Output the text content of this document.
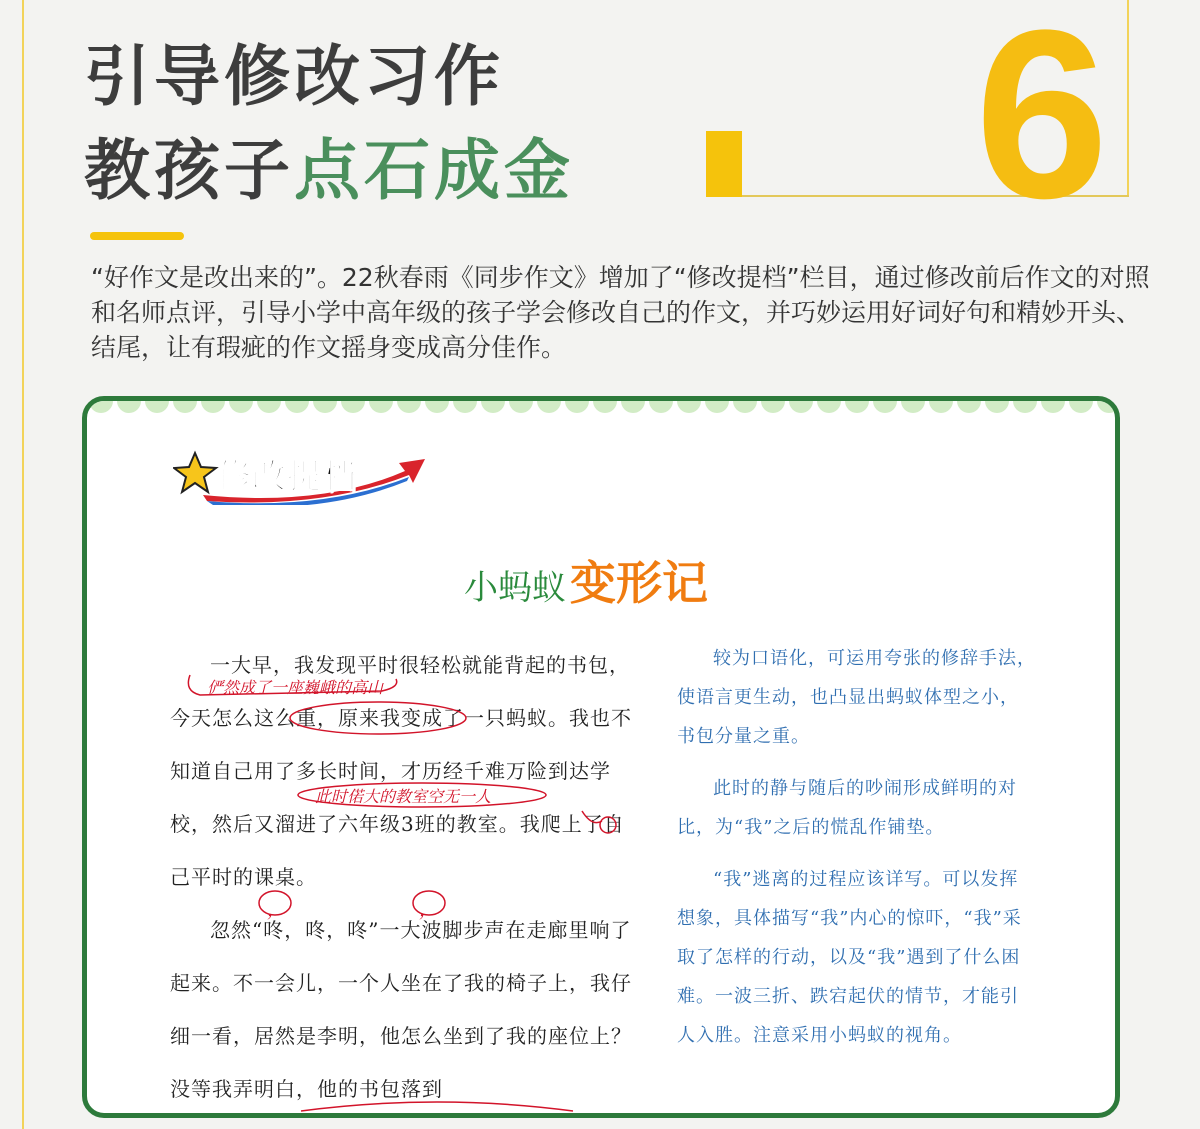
引导修改习作
教孩子点石成金 6

“好作文是改出来的”。22秋春雨《同步作文》增加了“修改提档”栏目，通过修改前后作文的对照和名师点评，引导小学中高年级的孩子学会修改自己的作文，并巧妙运用好词好句和精妙开头、结尾，让有瑕疵的作文摇身变成高分佳作。

修改提档
小蚂蚁变形记

一大早，我发现平时很轻松就能背起的书包，今天怎么这么重，原来我变成了一只蚂蚁。我也不知道自己用了多长时间，才历经千难万险到达学校，然后又溜进了六年级3班的教室。我爬上了自己平时的课桌。

忽然“咚，咚，咚”一大波脚步声在走廊里响了起来。不一会儿，一个人坐在了我的椅子上，我仔细一看，居然是李明，他怎么坐到了我的座位上？没等我弄明白，他的书包落到

俨然成了一座巍峨的高山
此时偌大的教室空无一人
，	，

较为口语化，可运用夸张的修辞手法，使语言更生动，也凸显出蚂蚁体型之小，书包分量之重。

此时的静与随后的吵闹形成鲜明的对比，为“我”之后的慌乱作铺垫。

“我”逃离的过程应该详写。可以发挥想象，具体描写“我”内心的惊吓，“我”采取了怎样的行动，以及“我”遇到了什么困难。一波三折、跌宕起伏的情节，才能引人入胜。注意采用小蚂蚁的视角。
